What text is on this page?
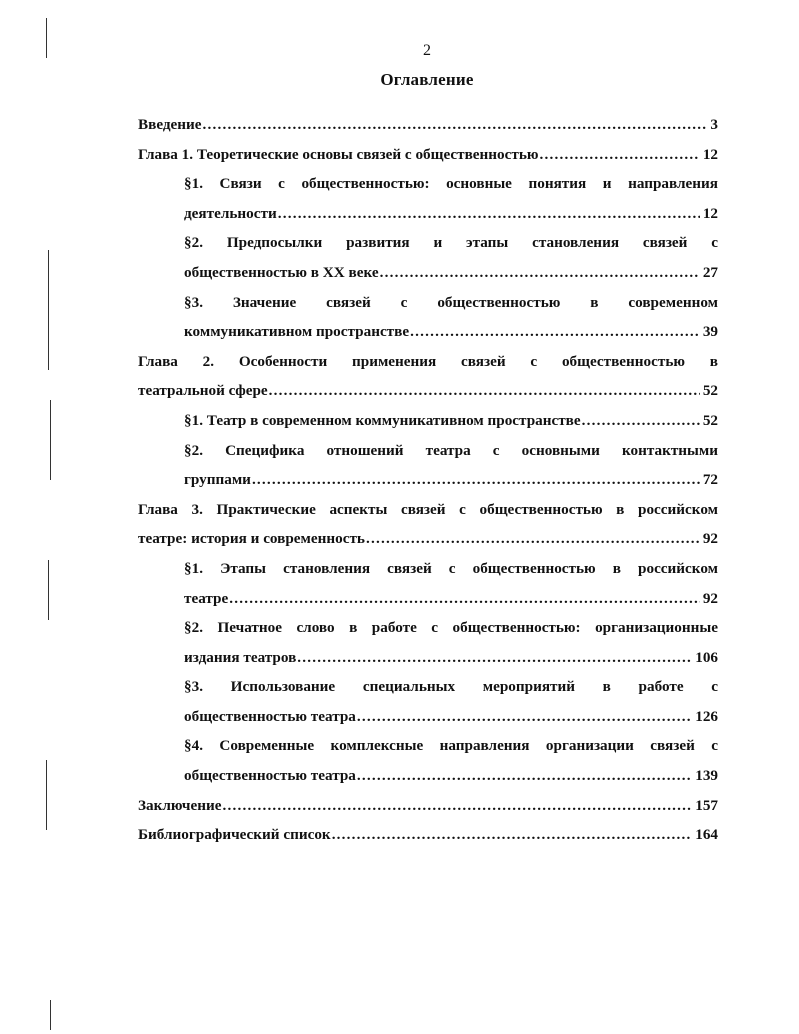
2
Оглавление
Введение .....	3
Глава 1. Теоретические основы связей с общественностью .....	12
§1. Связи с общественностью: основные понятия и направления
деятельности .....	12
§2. Предпосылки развития и этапы становления связей с
общественностью в XX веке .....	27
§3. Значение связей с общественностью в современном
коммуникативном пространстве .....	39
Глава 2. Особенности применения связей с общественностью в
театральной сфере .....	52
§1. Театр в современном коммуникативном пространстве .....	52
§2. Специфика отношений театра с основными контактными
группами .....	72
Глава 3. Практические аспекты связей с общественностью в российском
театре: история и современность .....	92
§1. Этапы становления связей с общественностью в российском
театре .....	92
§2. Печатное слово в работе с общественностью: организационные
издания театров .....	106
§3. Использование специальных мероприятий в работе с
общественностью театра .....	126
§4. Современные комплексные направления организации связей с
общественностью театра .....	139
Заключение .....	157
Библиографический список .....	164
